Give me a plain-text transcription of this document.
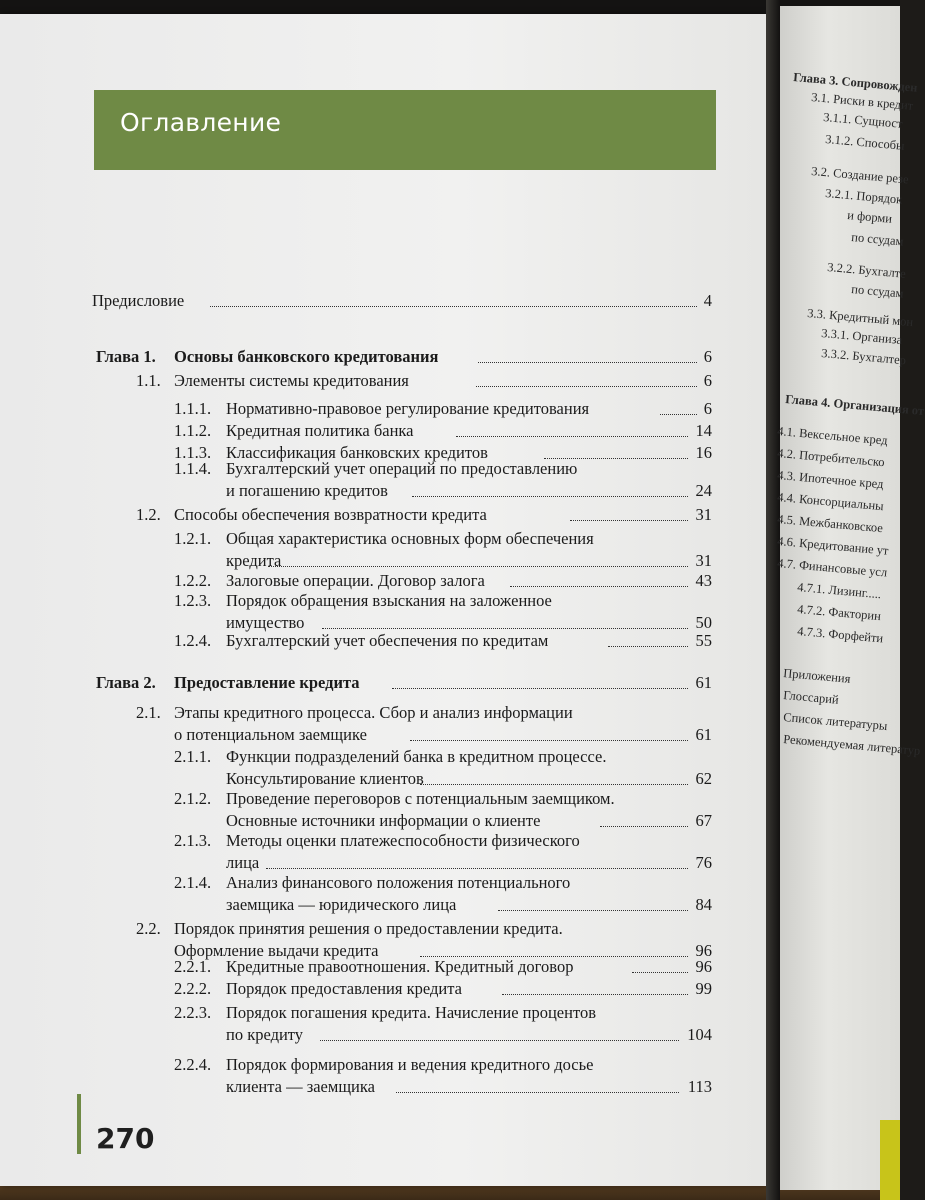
Оглавление
Предисловие	4
Глава 1. Основы банковского кредитования	6
1.1. Элементы системы кредитования	6
1.1.1. Нормативно-правовое регулирование кредитования	6
1.1.2. Кредитная политика банка	14
1.1.3. Классификация банковских кредитов	16
1.1.4. Бухгалтерский учет операций по предоставлению
и погашению кредитов	24
1.2. Способы обеспечения возвратности кредита	31
1.2.1. Общая характеристика основных форм обеспечения
кредита	31
1.2.2. Залоговые операции. Договор залога	43
1.2.3. Порядок обращения взыскания на заложенное
имущество	50
1.2.4. Бухгалтерский учет обеспечения по кредитам	55
Глава 2. Предоставление кредита	61
2.1. Этапы кредитного процесса. Сбор и анализ информации
о потенциальном заемщике	61
2.1.1. Функции подразделений банка в кредитном процессе.
Консультирование клиентов	62
2.1.2. Проведение переговоров с потенциальным заемщиком.
Основные источники информации о клиенте	67
2.1.3. Методы оценки платежеспособности физического
лица	76
2.1.4. Анализ финансового положения потенциального
заемщика — юридического лица	84
2.2. Порядок принятия решения о предоставлении кредита.
Оформление выдачи кредита	96
2.2.1. Кредитные правоотношения. Кредитный договор	96
2.2.2. Порядок предоставления кредита	99
2.2.3. Порядок погашения кредита. Начисление процентов
по кредиту	104
2.2.4. Порядок формирования и ведения кредитного досье
клиента — заемщика	113
270
Глава 3. Сопровожден
3.1. Риски в кредит
3.1.1. Сущност
3.1.2. Способы
3.2. Создание резе
3.2.1. Порядок
и форми
по ссудам
3.2.2. Бухгалте
по ссудам
3.3. Кредитный мон
3.3.1. Организа
3.3.2. Бухгалтер
Глава 4. Организация от
4.1. Вексельное кред
4.2. Потребительско
4.3. Ипотечное кред
4.4. Консорциальны
4.5. Межбанковское
4.6. Кредитование ут
4.7. Финансовые усл
4.7.1. Лизинг.....
4.7.2. Факторин
4.7.3. Форфейти
Приложения
Глоссарий
Список литературы
Рекомендуемая литератур
